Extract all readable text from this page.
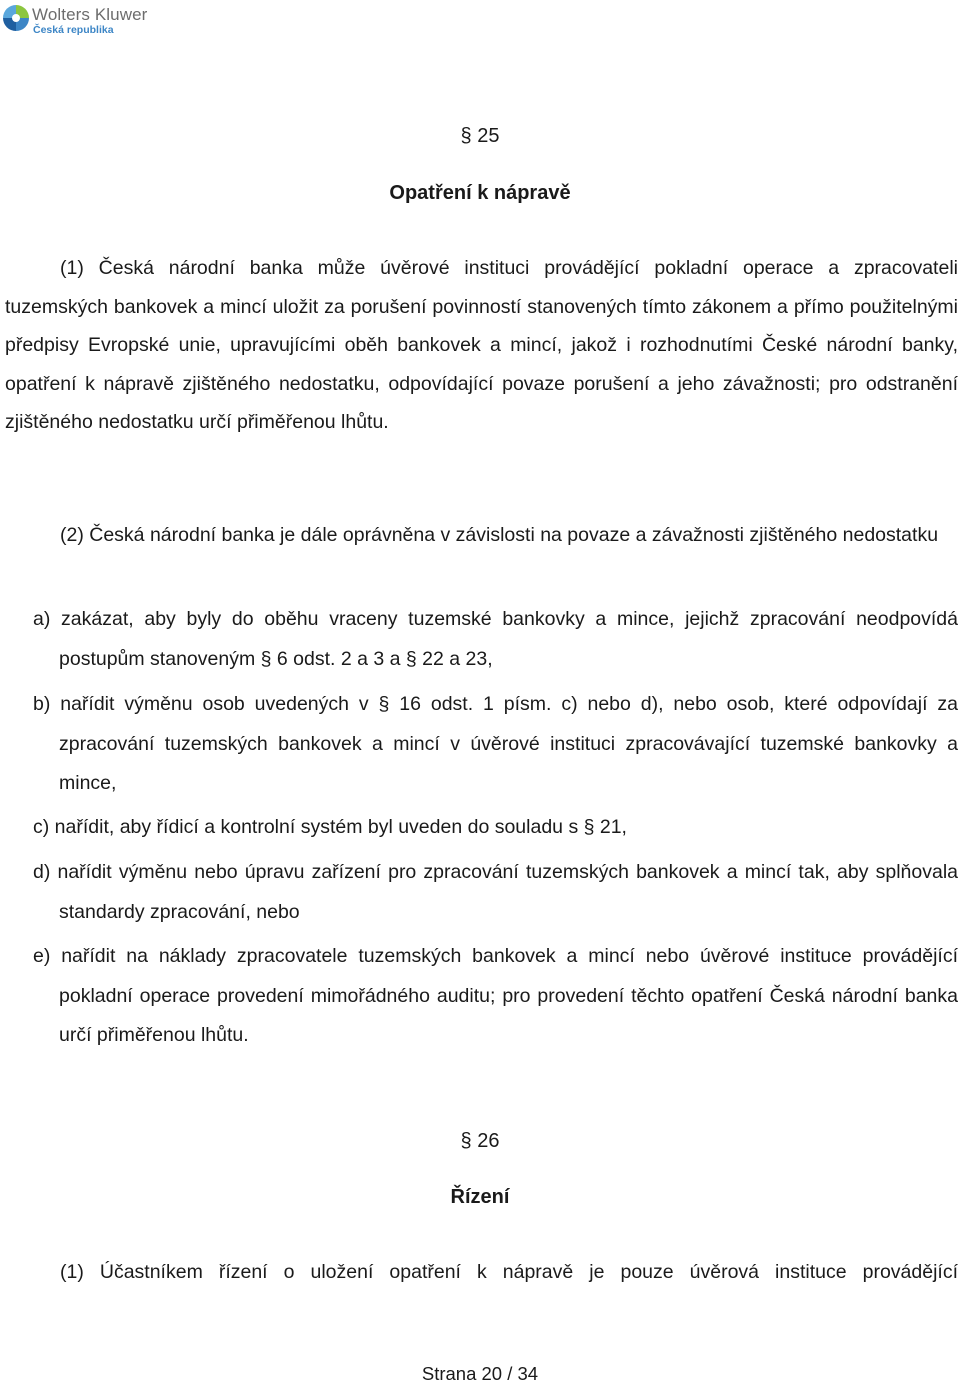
Wolters Kluwer
Česká republika
§ 25
Opatření k nápravě

(1) Česká národní banka může úvěrové instituci provádějící pokladní operace a zpracovateli tuzemských bankovek a mincí uložit za porušení povinností stanovených tímto zákonem a přímo použitelnými předpisy Evropské unie, upravujícími oběh bankovek a mincí, jakož i rozhodnutími České národní banky, opatření k nápravě zjištěného nedostatku, odpovídající povaze porušení a jeho závažnosti; pro odstranění zjištěného nedostatku určí přiměřenou lhůtu.

(2) Česká národní banka je dále oprávněna v závislosti na povaze a závažnosti zjištěného nedostatku

a) zakázat, aby byly do oběhu vraceny tuzemské bankovky a mince, jejichž zpracování neodpovídá postupům stanoveným § 6 odst. 2 a 3 a § 22 a 23,
b) nařídit výměnu osob uvedených v § 16 odst. 1 písm. c) nebo d), nebo osob, které odpovídají za zpracování tuzemských bankovek a mincí v úvěrové instituci zpracovávající tuzemské bankovky a mince,
c) nařídit, aby řídicí a kontrolní systém byl uveden do souladu s § 21,
d) nařídit výměnu nebo úpravu zařízení pro zpracování tuzemských bankovek a mincí tak, aby splňovala standardy zpracování, nebo
e) nařídit na náklady zpracovatele tuzemských bankovek a mincí nebo úvěrové instituce provádějící pokladní operace provedení mimořádného auditu; pro provedení těchto opatření Česká národní banka určí přiměřenou lhůtu.
§ 26
Řízení

(1) Účastníkem řízení o uložení opatření k nápravě je pouze úvěrová instituce provádějící

Strana 20 / 34
